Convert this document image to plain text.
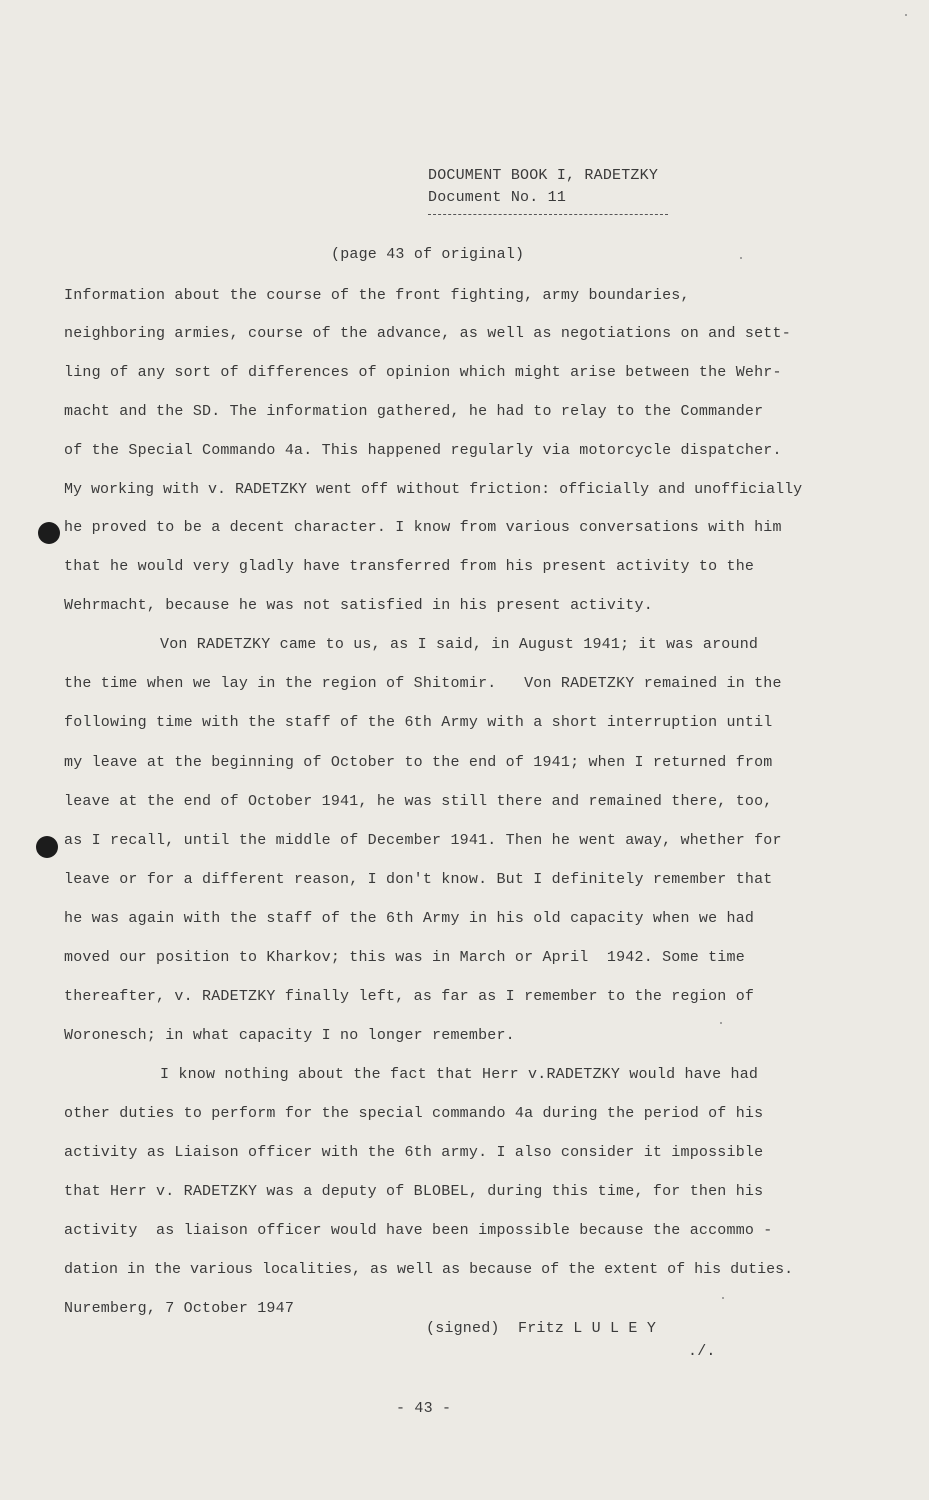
DOCUMENT BOOK I, RADETZKY
Document No. 11
(page 43 of original)
Information about the course of the front fighting, army boundaries,
neighboring armies, course of the advance, as well as negotiations on and sett-
ling of any sort of differences of opinion which might arise between the Wehr-
macht and the SD. The information gathered, he had to relay to the Commander
of the Special Commando 4a. This happened regularly via motorcycle dispatcher.
My working with v. RADETZKY went off without friction: officially and unofficially
he proved to be a decent character. I know from various conversations with him
that he would very gladly have transferred from his present activity to the
Wehrmacht, because he was not satisfied in his present activity.
Von RADETZKY came to us, as I said, in August 1941; it was around
the time when we lay in the region of Shitomir.   Von RADETZKY remained in the
following time with the staff of the 6th Army with a short interruption until
my leave at the beginning of October to the end of 1941; when I returned from
leave at the end of October 1941, he was still there and remained there, too,
as I recall, until the middle of December 1941. Then he went away, whether for
leave or for a different reason, I don't know. But I definitely remember that
he was again with the staff of the 6th Army in his old capacity when we had
moved our position to Kharkov; this was in March or April  1942. Some time
thereafter, v. RADETZKY finally left, as far as I remember to the region of
Woronesch; in what capacity I no longer remember.
I know nothing about the fact that Herr v.RADETZKY would have had
other duties to perform for the special commando 4a during the period of his
activity as Liaison officer with the 6th army. I also consider it impossible
that Herr v. RADETZKY was a deputy of BLOBEL, during this time, for then his
activity  as liaison officer would have been impossible because the accommo -
dation in the various localities, as well as because of the extent of his duties.
Nuremberg, 7 October 1947
(signed)  Fritz L U L E Y
./.
- 43 -
